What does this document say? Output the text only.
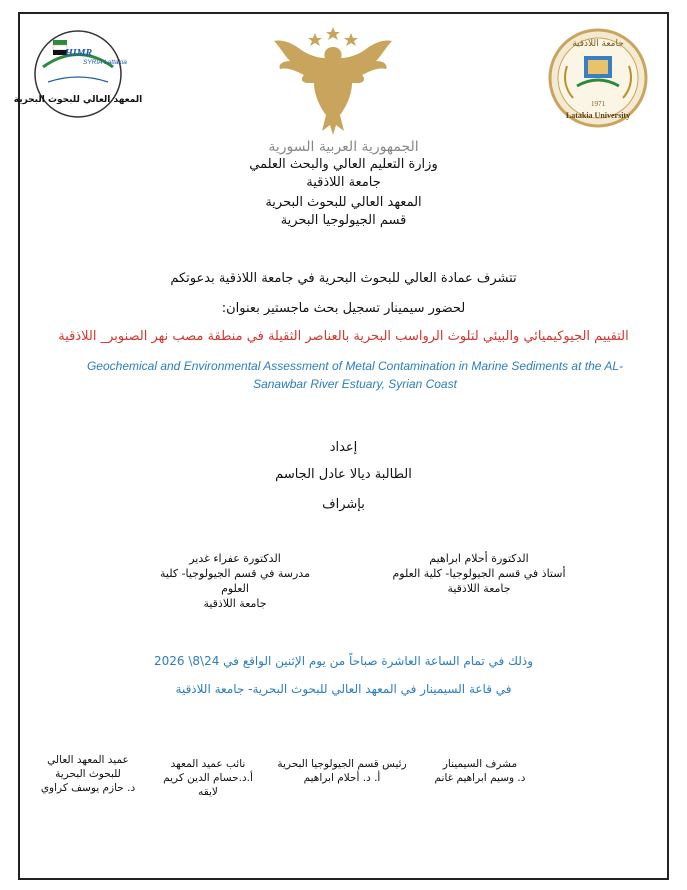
HIMR
SYRIA Lattakia
المعهد العالي للبحوث البحرية
جامعة اللاذقية
1971
Latakia University
الجمهورية العربية السورية
وزارة التعليم العالي والبحث العلمي
جامعة اللاذقية
المعهد العالي للبحوث البحرية
قسم الجيولوجيا البحرية
تتشرف عمادة العالي للبحوث البحرية في جامعة اللاذقية بدعوتكم
لحضور سيمينار تسجيل بحث ماجستير بعنوان:
التقييم الجيوكيميائي والبيئي لتلوث الرواسب البحرية بالعناصر الثقيلة في منطقة مصب نهر الصنوبر_ اللاذقية
Geochemical and Environmental Assessment of Metal Contamination in Marine Sediments at the AL- Sanawbar River Estuary, Syrian Coast
إعداد
الطالبة ديالا عادل الجاسم
بإشراف
الدكتورة أحلام ابراهيم
أستاذ في قسم الجيولوجيا- كلية العلوم
جامعة اللاذقية
الدكتورة عفراء غدير
مدرسة في قسم الجيولوجيا- كلية العلوم
جامعة اللاذقية
وذلك في تمام الساعة العاشرة صباحاً من يوم الإثنين الواقع في 24\8\ 2026
في قاعة السيمينار في المعهد العالي للبحوث البحرية- جامعة اللاذقية
مشرف السيمينار
د. وسيم ابراهيم غانم
رئيس قسم الجيولوجيا البحرية
أ. د. أحلام ابراهيم
نائب عميد المعهد
أ.د.حسام الدين كريم لايقه
عميد المعهد العالي للبحوث البحرية
د. حازم يوسف كراوي
